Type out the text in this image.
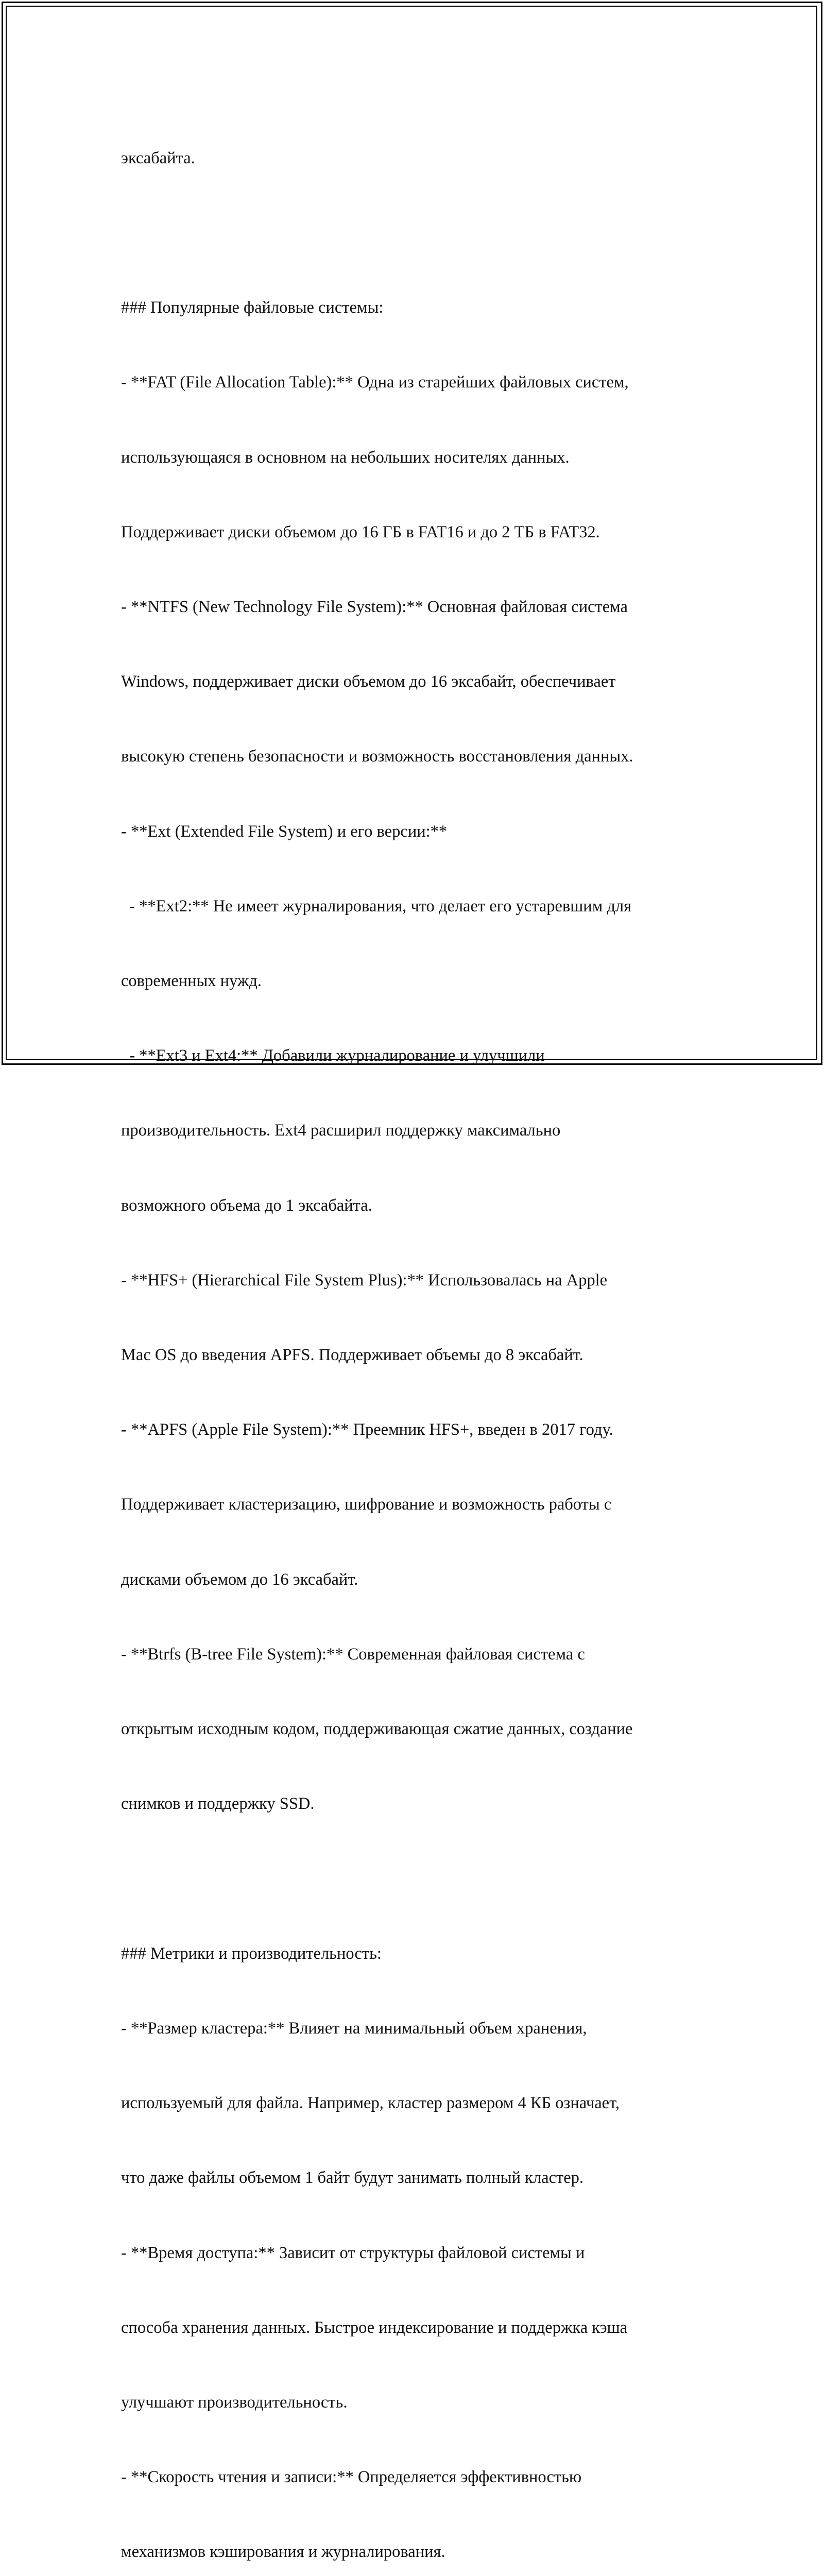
эксабайта.

### Популярные файловые системы:

- **FAT (File Allocation Table):** Одна из старейших файловых систем,

использующаяся в основном на небольших носителях данных.

Поддерживает диски объемом до 16 ГБ в FAT16 и до 2 ТБ в FAT32.

- **NTFS (New Technology File System):** Основная файловая система

Windows, поддерживает диски объемом до 16 эксабайт, обеспечивает

высокую степень безопасности и возможность восстановления данных.

- **Ext (Extended File System) и его версии:**

- **Ext2:** Не имеет журналирования, что делает его устаревшим для

современных нужд.

- **Ext3 и Ext4:** Добавили журналирование и улучшили

производительность. Ext4 расширил поддержку максимально

возможного объема до 1 эксабайта.

- **HFS+ (Hierarchical File System Plus):** Использовалась на Apple

Mac OS до введения APFS. Поддерживает объемы до 8 эксабайт.

- **APFS (Apple File System):** Преемник HFS+, введен в 2017 году.

Поддерживает кластеризацию, шифрование и возможность работы с

дисками объемом до 16 эксабайт.

- **Btrfs (B-tree File System):** Современная файловая система с

открытым исходным кодом, поддерживающая сжатие данных, создание

снимков и поддержку SSD.

### Метрики и производительность:

- **Размер кластера:** Влияет на минимальный объем хранения,

используемый для файла. Например, кластер размером 4 КБ означает,

что даже файлы объемом 1 байт будут занимать полный кластер.

- **Время доступа:** Зависит от структуры файловой системы и

способа хранения данных. Быстрое индексирование и поддержка кэша

улучшают производительность.

- **Скорость чтения и записи:** Определяется эффективностью

механизмов кэширования и журналирования.
